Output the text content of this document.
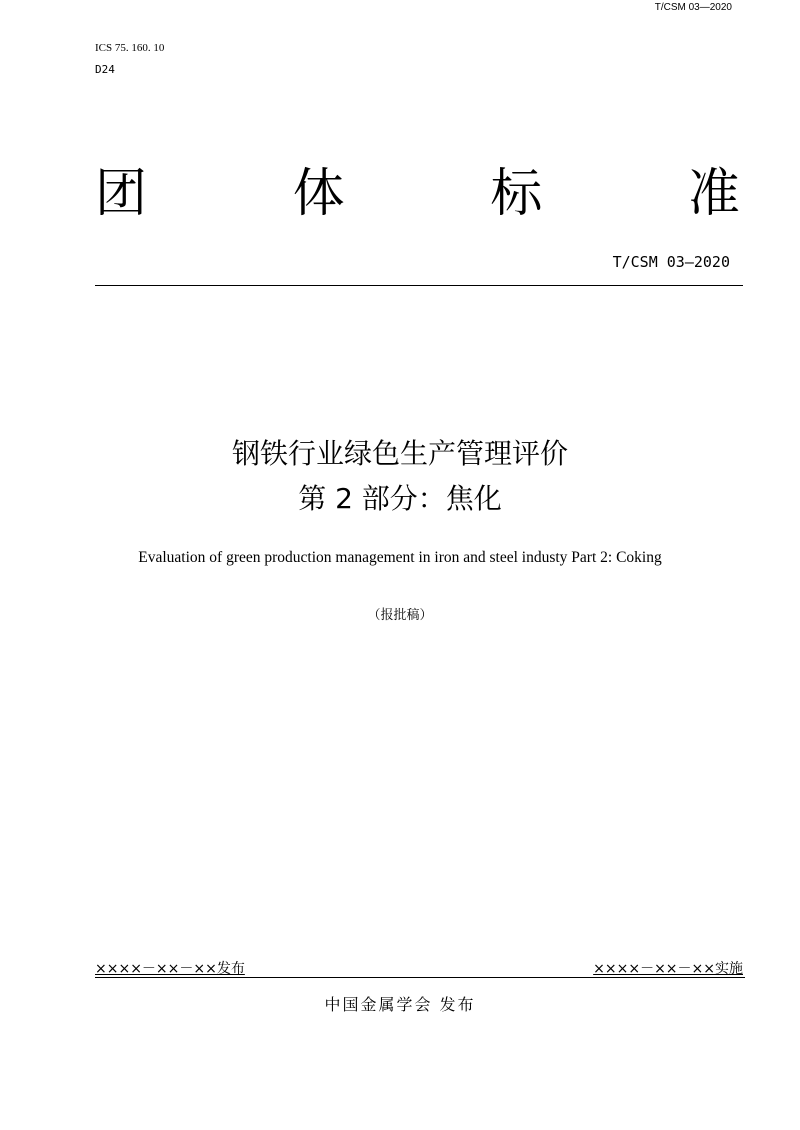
T/CSM 03—2020
ICS 75. 160. 10
D24
团	体	标	准
T/CSM 03—2020
钢铁行业绿色生产管理评价
第 2 部分：焦化
Evaluation of green production management in iron and steel industy Part 2: Coking
（报批稿）
××××－××－××发布	××××－××－××实施
中国金属学会 发布
